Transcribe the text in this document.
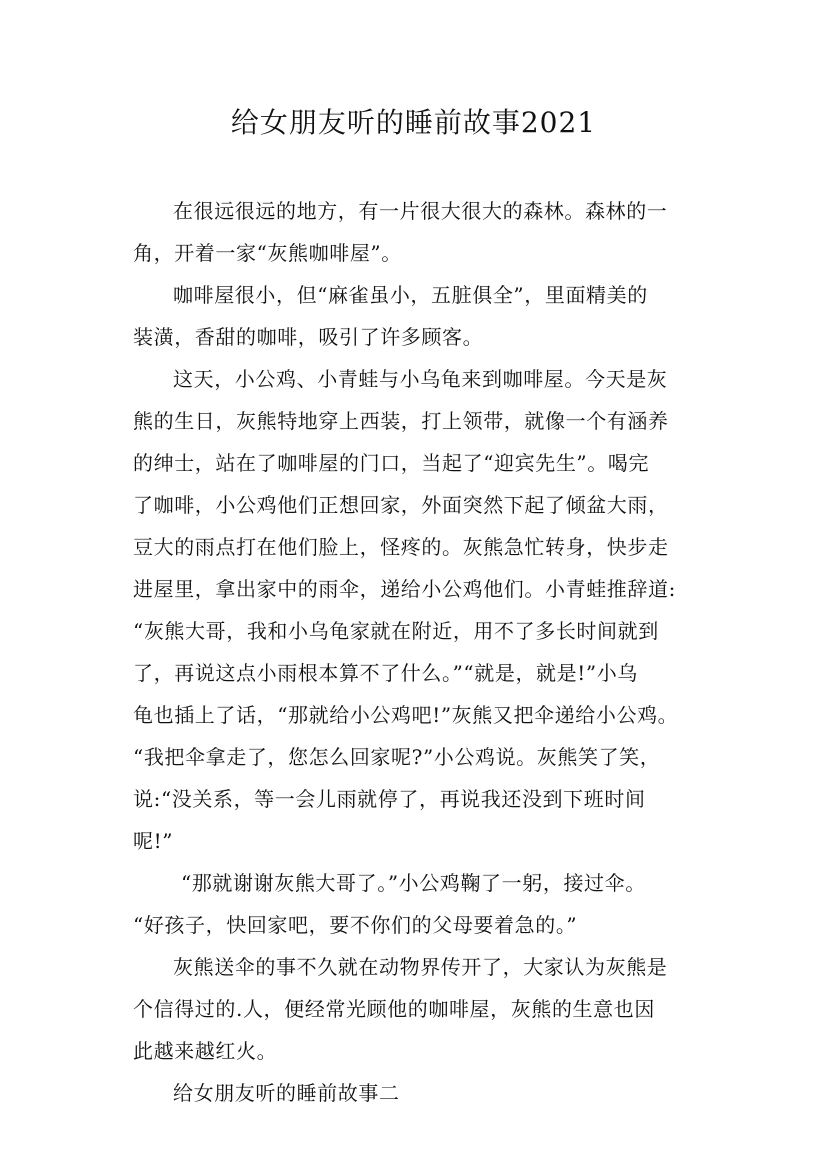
给女朋友听的睡前故事2021
在很远很远的地方，有一片很大很大的森林。森林的一
角，开着一家“灰熊咖啡屋”。
咖啡屋很小，但“麻雀虽小，五脏俱全”，里面精美的
装潢，香甜的咖啡，吸引了许多顾客。
这天，小公鸡、小青蛙与小乌龟来到咖啡屋。今天是灰
熊的生日，灰熊特地穿上西装，打上领带，就像一个有涵养
的绅士，站在了咖啡屋的门口，当起了“迎宾先生”。喝完
了咖啡，小公鸡他们正想回家，外面突然下起了倾盆大雨，
豆大的雨点打在他们脸上，怪疼的。灰熊急忙转身，快步走
进屋里，拿出家中的雨伞，递给小公鸡他们。小青蛙推辞道:
“灰熊大哥，我和小乌龟家就在附近，用不了多长时间就到
了，再说这点小雨根本算不了什么。”“就是，就是!”小乌
龟也插上了话，“那就给小公鸡吧!”灰熊又把伞递给小公鸡。
“我把伞拿走了，您怎么回家呢?”小公鸡说。灰熊笑了笑，
说:“没关系，等一会儿雨就停了，再说我还没到下班时间
呢!”
“那就谢谢灰熊大哥了。”小公鸡鞠了一躬，接过伞。
“好孩子，快回家吧，要不你们的父母要着急的。”
灰熊送伞的事不久就在动物界传开了，大家认为灰熊是
个信得过的.人，便经常光顾他的咖啡屋，灰熊的生意也因
此越来越红火。
给女朋友听的睡前故事二
